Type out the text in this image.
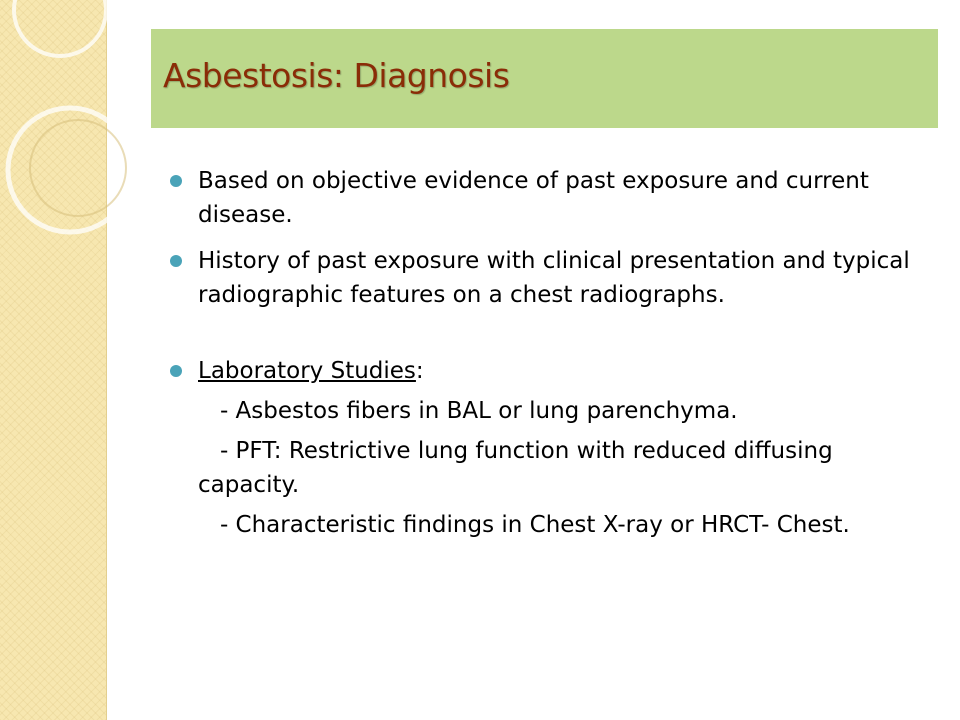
Asbestosis: Diagnosis
Based on objective evidence of past exposure and current disease.
History of past exposure with clinical presentation and typical radiographic features on a chest radiographs.
Laboratory Studies:
- Asbestos fibers in BAL or lung parenchyma.
- PFT: Restrictive lung function with reduced diffusing capacity.
- Characteristic findings in Chest X-ray or HRCT- Chest.
